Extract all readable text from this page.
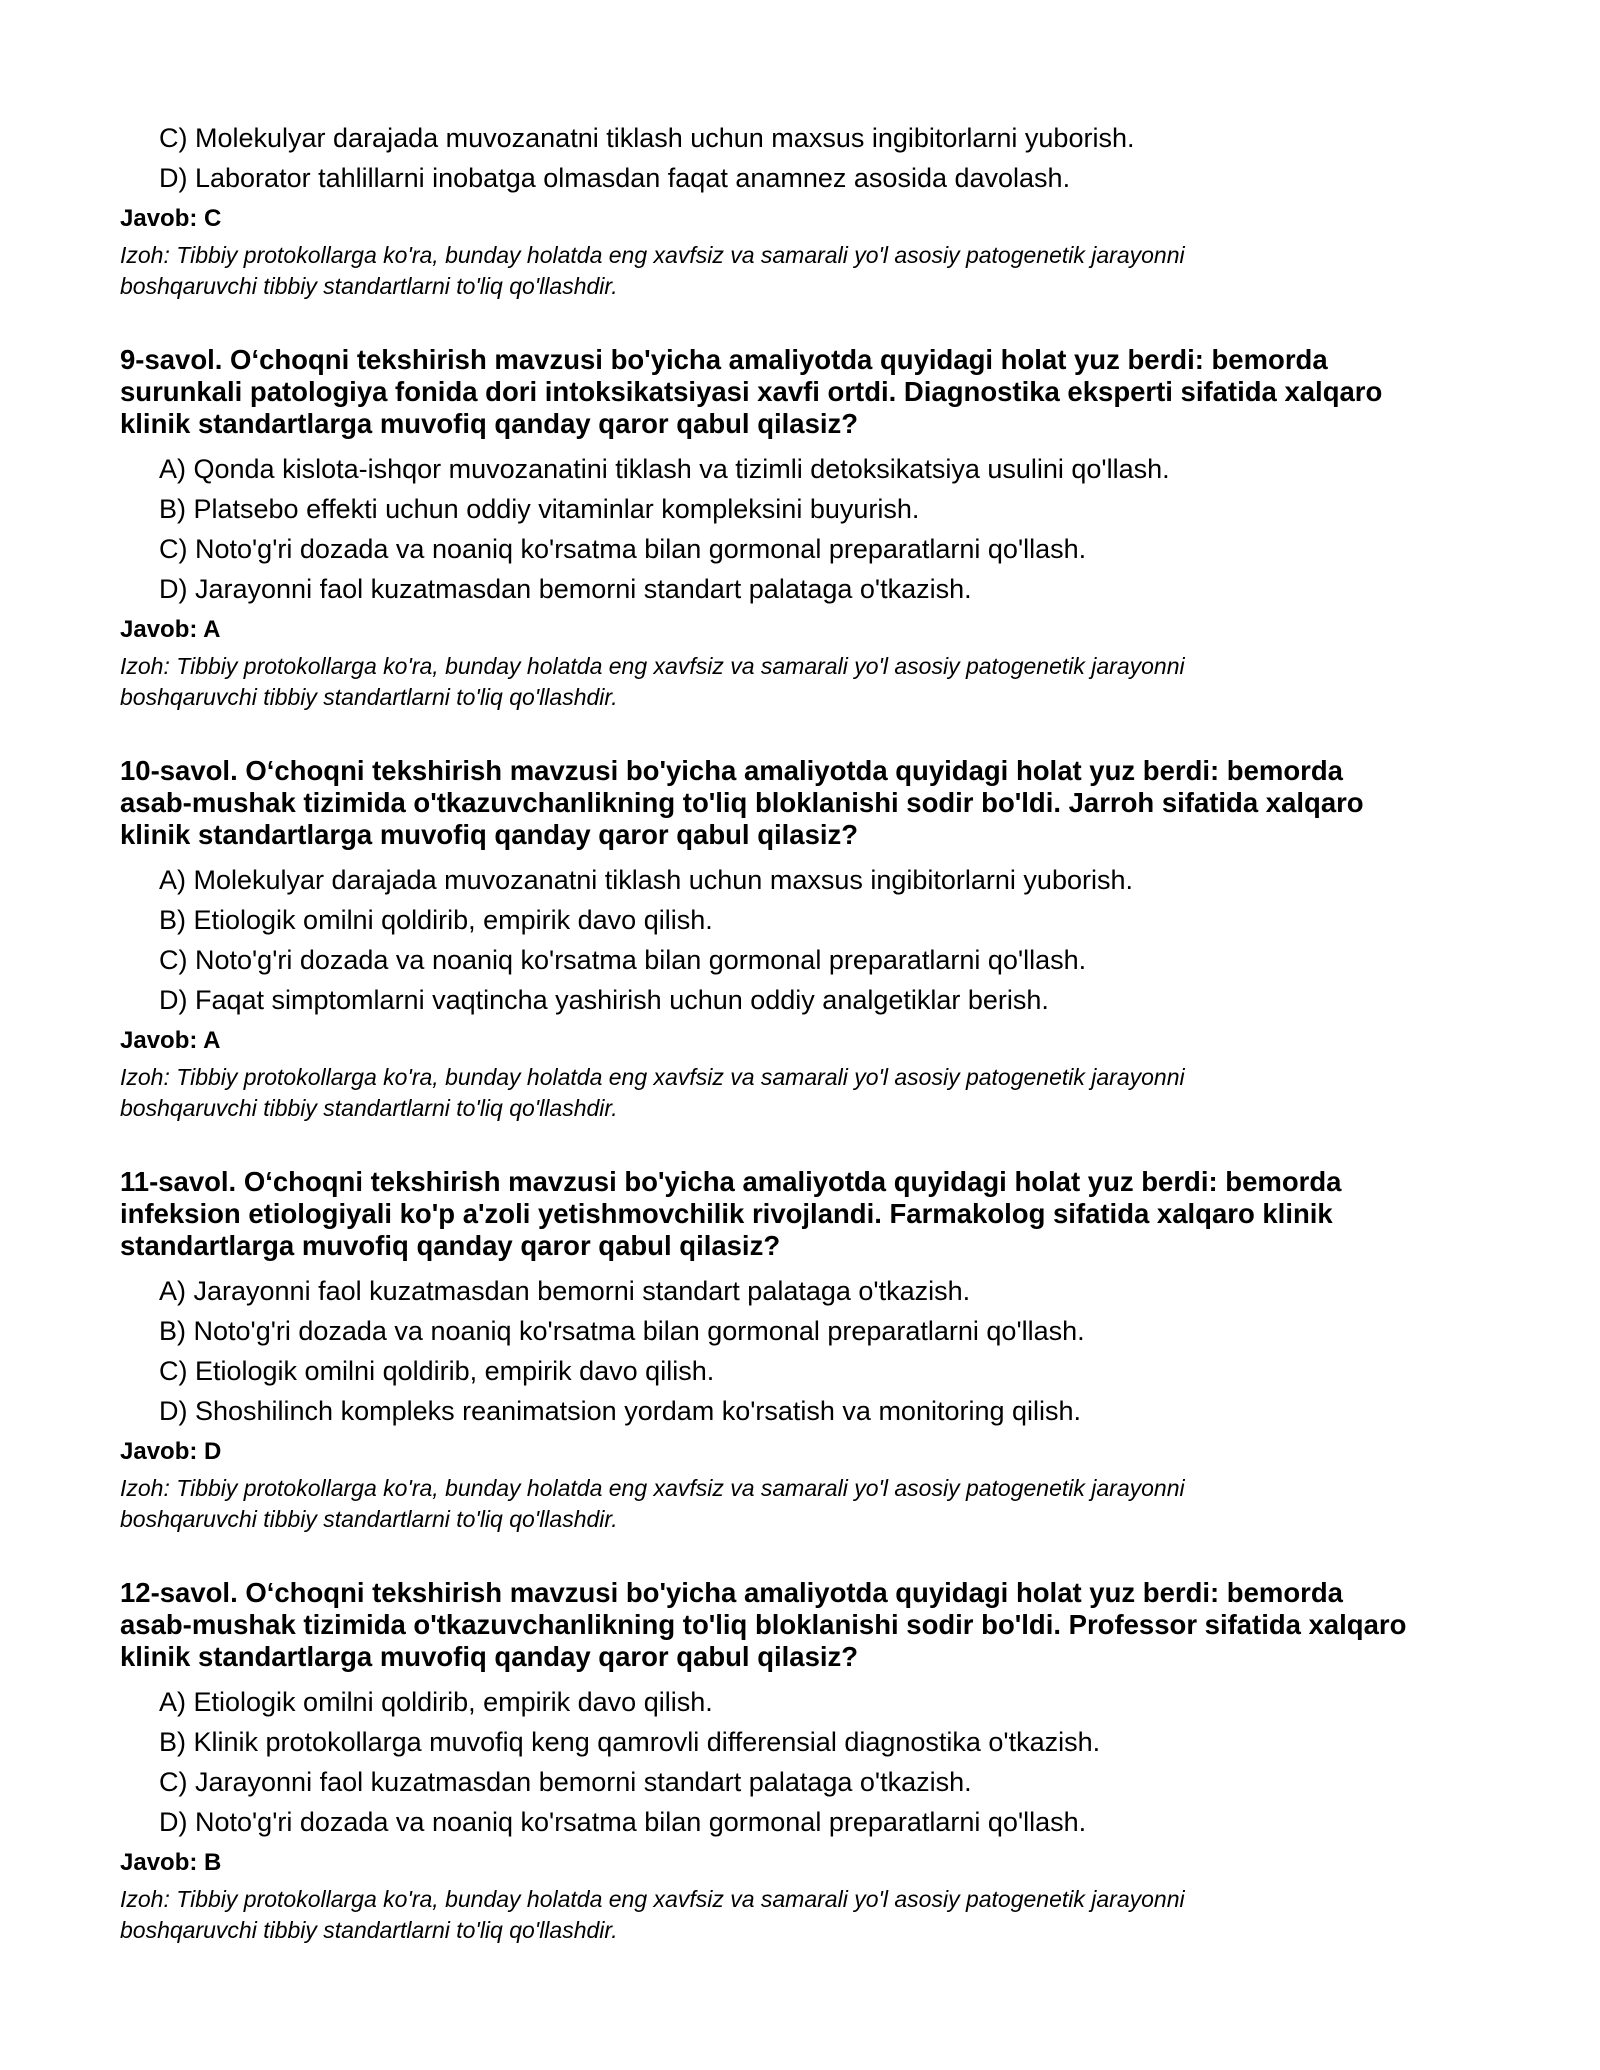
C) Molekulyar darajada muvozanatni tiklash uchun maxsus ingibitorlarni yuborish.
D) Laborator tahlillarni inobatga olmasdan faqat anamnez asosida davolash.
Javob: C
Izoh: Tibbiy protokollarga ko'ra, bunday holatda eng xavfsiz va samarali yo'l asosiy patogenetik jarayonni
boshqaruvchi tibbiy standartlarni to'liq qo'llashdir.
9-savol. O‘choqni tekshirish mavzusi bo'yicha amaliyotda quyidagi holat yuz berdi: bemorda
surunkali patologiya fonida dori intoksikatsiyasi xavfi ortdi. Diagnostika eksperti sifatida xalqaro
klinik standartlarga muvofiq qanday qaror qabul qilasiz?
A) Qonda kislota-ishqor muvozanatini tiklash va tizimli detoksikatsiya usulini qo'llash.
B) Platsebo effekti uchun oddiy vitaminlar kompleksini buyurish.
C) Noto'g'ri dozada va noaniq ko'rsatma bilan gormonal preparatlarni qo'llash.
D) Jarayonni faol kuzatmasdan bemorni standart palataga o'tkazish.
Javob: A
Izoh: Tibbiy protokollarga ko'ra, bunday holatda eng xavfsiz va samarali yo'l asosiy patogenetik jarayonni
boshqaruvchi tibbiy standartlarni to'liq qo'llashdir.
10-savol. O‘choqni tekshirish mavzusi bo'yicha amaliyotda quyidagi holat yuz berdi: bemorda
asab-mushak tizimida o'tkazuvchanlikning to'liq bloklanishi sodir bo'ldi. Jarroh sifatida xalqaro
klinik standartlarga muvofiq qanday qaror qabul qilasiz?
A) Molekulyar darajada muvozanatni tiklash uchun maxsus ingibitorlarni yuborish.
B) Etiologik omilni qoldirib, empirik davo qilish.
C) Noto'g'ri dozada va noaniq ko'rsatma bilan gormonal preparatlarni qo'llash.
D) Faqat simptomlarni vaqtincha yashirish uchun oddiy analgetiklar berish.
Javob: A
Izoh: Tibbiy protokollarga ko'ra, bunday holatda eng xavfsiz va samarali yo'l asosiy patogenetik jarayonni
boshqaruvchi tibbiy standartlarni to'liq qo'llashdir.
11-savol. O‘choqni tekshirish mavzusi bo'yicha amaliyotda quyidagi holat yuz berdi: bemorda
infeksion etiologiyali ko'p a'zoli yetishmovchilik rivojlandi. Farmakolog sifatida xalqaro klinik
standartlarga muvofiq qanday qaror qabul qilasiz?
A) Jarayonni faol kuzatmasdan bemorni standart palataga o'tkazish.
B) Noto'g'ri dozada va noaniq ko'rsatma bilan gormonal preparatlarni qo'llash.
C) Etiologik omilni qoldirib, empirik davo qilish.
D) Shoshilinch kompleks reanimatsion yordam ko'rsatish va monitoring qilish.
Javob: D
Izoh: Tibbiy protokollarga ko'ra, bunday holatda eng xavfsiz va samarali yo'l asosiy patogenetik jarayonni
boshqaruvchi tibbiy standartlarni to'liq qo'llashdir.
12-savol. O‘choqni tekshirish mavzusi bo'yicha amaliyotda quyidagi holat yuz berdi: bemorda
asab-mushak tizimida o'tkazuvchanlikning to'liq bloklanishi sodir bo'ldi. Professor sifatida xalqaro
klinik standartlarga muvofiq qanday qaror qabul qilasiz?
A) Etiologik omilni qoldirib, empirik davo qilish.
B) Klinik protokollarga muvofiq keng qamrovli differensial diagnostika o'tkazish.
C) Jarayonni faol kuzatmasdan bemorni standart palataga o'tkazish.
D) Noto'g'ri dozada va noaniq ko'rsatma bilan gormonal preparatlarni qo'llash.
Javob: B
Izoh: Tibbiy protokollarga ko'ra, bunday holatda eng xavfsiz va samarali yo'l asosiy patogenetik jarayonni
boshqaruvchi tibbiy standartlarni to'liq qo'llashdir.
